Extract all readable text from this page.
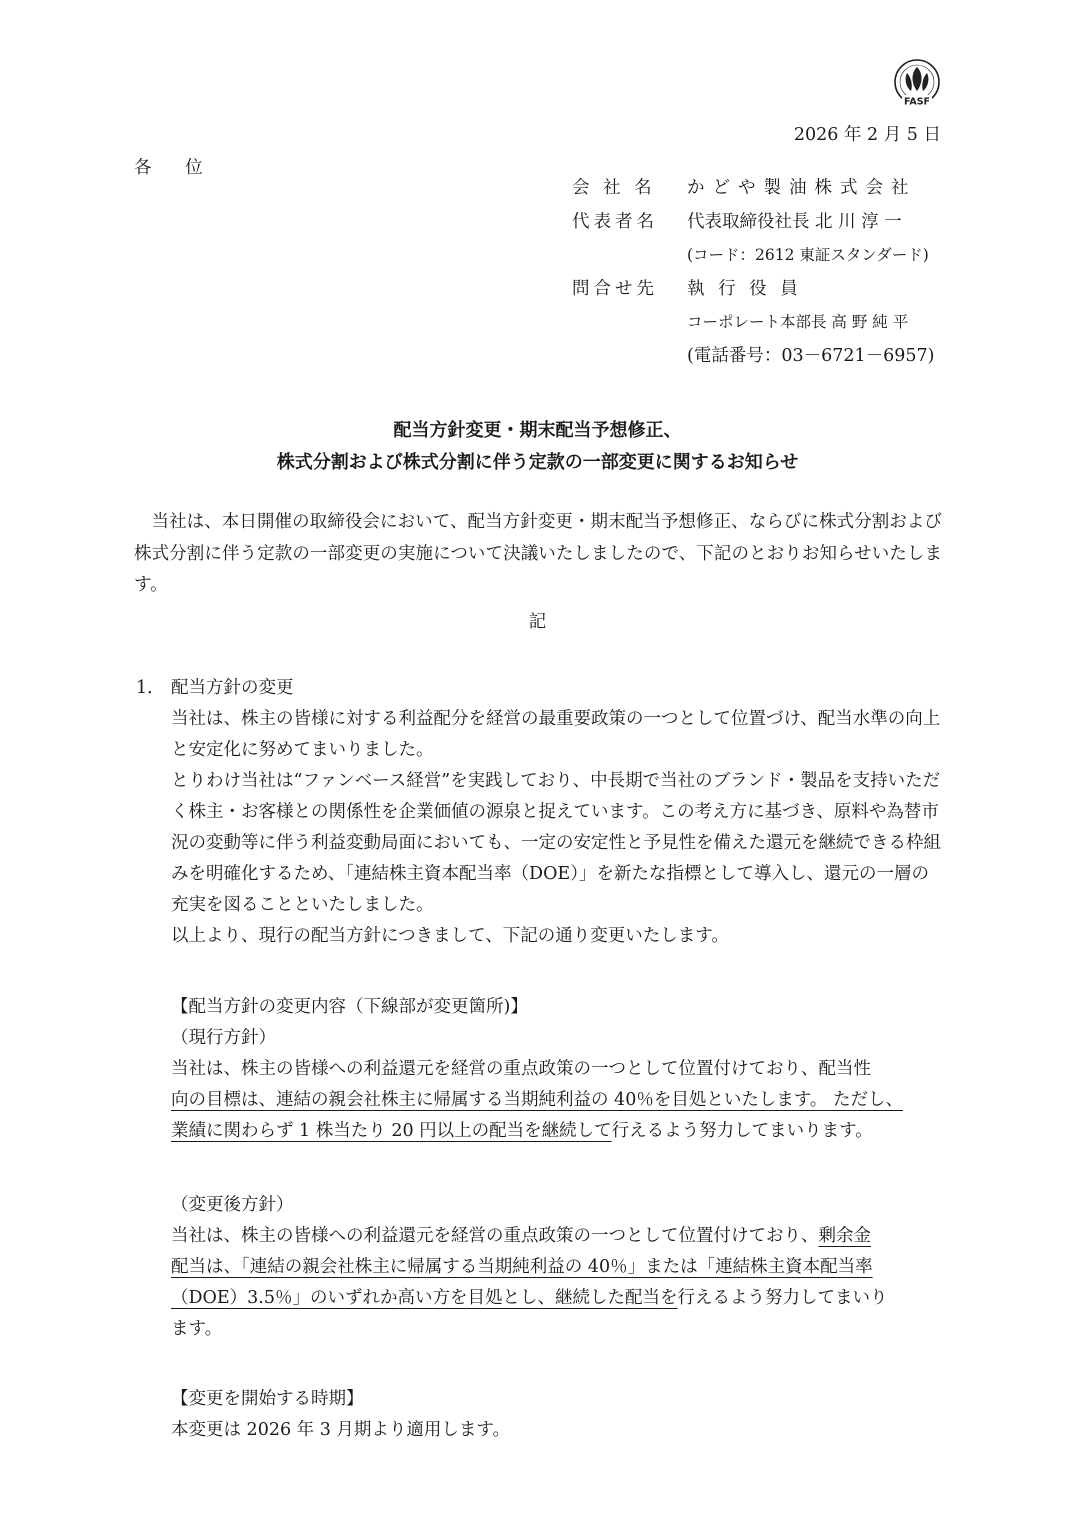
FASF
2026 年 2 月 5 日
各 位
会 社 名	かどや製油株式会社
代表者名	代表取締役社長 北 川 淳 一
(コード：2612 東証スタンダード)
問合せ先	執 行 役 員
コーポレート本部長 高 野 純 平
(電話番号：03－6721－6957)
配当方針変更・期末配当予想修正、
株式分割および株式分割に伴う定款の一部変更に関するお知らせ
当社は、本日開催の取締役会において、配当方針変更・期末配当予想修正、ならびに株式分割および株式分割に伴う定款の一部変更の実施について決議いたしましたので、下記のとおりお知らせいたします。
記
1． 配当方針の変更

当社は、株主の皆様に対する利益配分を経営の最重要政策の一つとして位置づけ、配当水準の向上と安定化に努めてまいりました。

とりわけ当社は“ファンベース経営”を実践しており、中長期で当社のブランド・製品を支持いただく株主・お客様との関係性を企業価値の源泉と捉えています。この考え方に基づき、原料や為替市況の変動等に伴う利益変動局面においても、一定の安定性と予見性を備えた還元を継続できる枠組みを明確化するため、「連結株主資本配当率（DOE）」を新たな指標として導入し、還元の一層の充実を図ることといたしました。

以上より、現行の配当方針につきまして、下記の通り変更いたします。

【配当方針の変更内容（下線部が変更箇所)】

（現行方針）

当社は、株主の皆様への利益還元を経営の重点政策の一つとして位置付けており、配当性

向の目標は、連結の親会社株主に帰属する当期純利益の 40％を目処といたします。 ただし、

業績に関わらず 1 株当たり 20 円以上の配当を継続して行えるよう努力してまいります。

（変更後方針）

当社は、株主の皆様への利益還元を経営の重点政策の一つとして位置付けており、剰余金

配当は、「連結の親会社株主に帰属する当期純利益の 40％」または「連結株主資本配当率

（DOE）3.5％」のいずれか高い方を目処とし、継続した配当を行えるよう努力してまいり

ます。

【変更を開始する時期】

本変更は 2026 年 3 月期より適用します。
